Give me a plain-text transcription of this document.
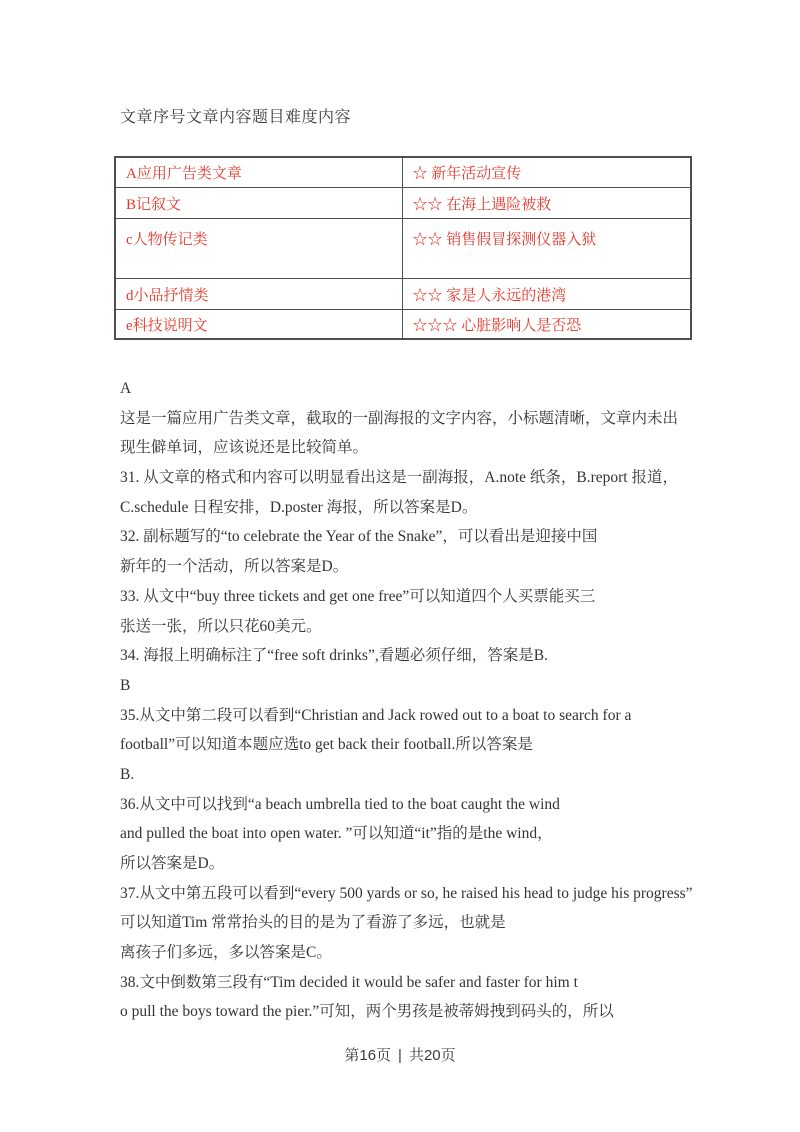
文章序号文章内容题目难度内容
A应用广告类文章	☆ 新年活动宣传
B记叙文	☆☆ 在海上遇险被救
c人物传记类	☆☆ 销售假冒探测仪器入狱
d小品抒情类	☆☆ 家是人永远的港湾
e科技说明文	☆☆☆ 心脏影响人是否恐
A
这是一篇应用广告类文章，截取的一副海报的文字内容，小标题清晰，文章内未出
现生僻单词，应该说还是比较简单。
31. 从文章的格式和内容可以明显看出这是一副海报，A.note 纸条，B.report 报道，
C.schedule 日程安排，D.poster 海报，所以答案是D。
32. 副标题写的“to celebrate the Year of the Snake”，可以看出是迎接中国
新年的一个活动，所以答案是D。
33. 从文中“buy three tickets and get one free”可以知道四个人买票能买三
张送一张，所以只花60美元。
34. 海报上明确标注了“free soft drinks”,看题必须仔细，答案是B.
B
35.从文中第二段可以看到“Christian and Jack rowed out to a boat to search for a
football”可以知道本题应选to get back their football.所以答案是
B.
36.从文中可以找到“a beach umbrella tied to the boat caught the wind
and pulled the boat into open water. ”可以知道“it”指的是the wind，
所以答案是D。
37.从文中第五段可以看到“every 500 yards or so, he raised his head to judge his progress”
可以知道Tim 常常抬头的目的是为了看游了多远，也就是
离孩子们多远，多以答案是C。
38.文中倒数第三段有“Tim decided it would be safer and faster for him t
o pull the boys toward the pier.”可知，两个男孩是被蒂姆拽到码头的，所以
第16页 | 共20页
